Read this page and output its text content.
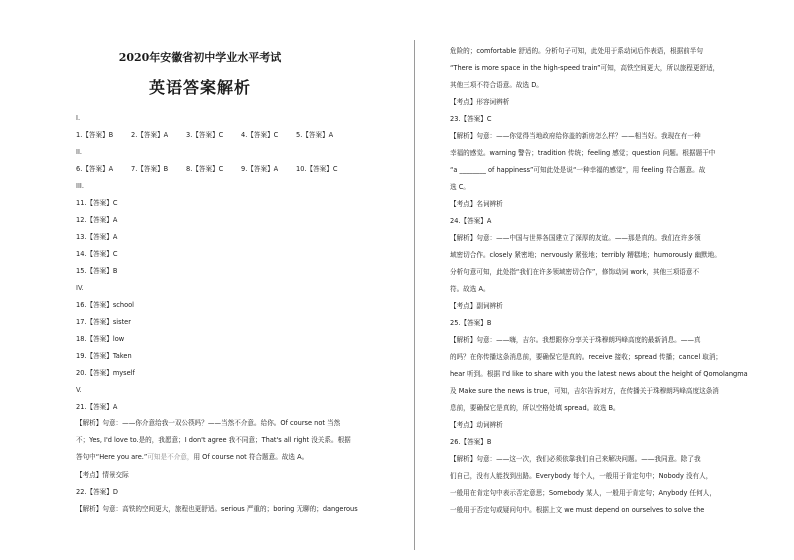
2020年安徽省初中学业水平考试
英语答案解析
I.
1.【答案】B	2.【答案】A	3.【答案】C	4.【答案】C	5.【答案】A
II.
6.【答案】A	7.【答案】B	8.【答案】C	9.【答案】A	10.【答案】C
III.
11.【答案】C
12.【答案】A
13.【答案】A
14.【答案】C
15.【答案】B
IV.
16.【答案】school
17.【答案】sister
18.【答案】low
19.【答案】Taken
20.【答案】myself
V.
21.【答案】A
【解析】句意：——你介意给我一双公筷吗？——当然不介意。给你。Of course not 当然
不；Yes, I'd love to.是的，我愿意；I don't agree 我不同意；That's all right 没关系。根据
答句中“Here you are.”可知是不介意，用 Of course not 符合题意。故选 A。
【考点】情景交际
22.【答案】D
【解析】句意：高铁的空间更大，旅程也更舒适。serious 严重的；boring 无聊的；dangerous
危险的；comfortable 舒适的。分析句子可知，此处用于系动词后作表语，根据前半句
“There is more space in the high-speed train”可知，高铁空间更大，所以旅程更舒适，
其他三项不符合语意。故选 D。
【考点】形容词辨析
23.【答案】C
【解析】句意：——你觉得当地政府给你盖的新房怎么样？——相当好。我现在有一种
幸福的感觉。warning 警告；tradition 传统；feeling 感觉；question 问题。根据题干中
“a ________ of happiness”可知此处是说“一种幸福的感觉”，用 feeling 符合题意。故
选 C。
【考点】名词辨析
24.【答案】A
【解析】句意：——中国与世界各国建立了深厚的友谊。——那是真的。我们在许多领
域密切合作。closely 紧密地；nervously 紧张地；terribly 糟糕地；humorously 幽默地。
分析句意可知，此处指“我们在许多领域密切合作”，修饰动词 work，其他三项语意不
符。故选 A。
【考点】副词辨析
25.【答案】B
【解析】句意：——嗨，吉尔。我想跟你分享关于珠穆朗玛峰高度的最新消息。——真
的吗？在你传播这条消息前，要确保它是真的。receive 接收；spread 传播；cancel 取消；
hear 听到。根据 I'd like to share with you the latest news about the height of Qomolangma
及 Make sure the news is true，可知，吉尔告诉对方，在传播关于珠穆朗玛峰高度这条消
息前，要确保它是真的，所以空格处填 spread。故选 B。
【考点】动词辨析
26.【答案】B
【解析】句意：——这一次，我们必须依靠我们自己来解决问题。——我同意。除了我
们自己，没有人能找到出路。Everybody 每个人，一般用于肯定句中；Nobody 没有人，
一般用在肯定句中表示否定意思；Somebody 某人，一般用于肯定句；Anybody 任何人，
一般用于否定句或疑问句中。根据上文 we must depend on ourselves to solve the
